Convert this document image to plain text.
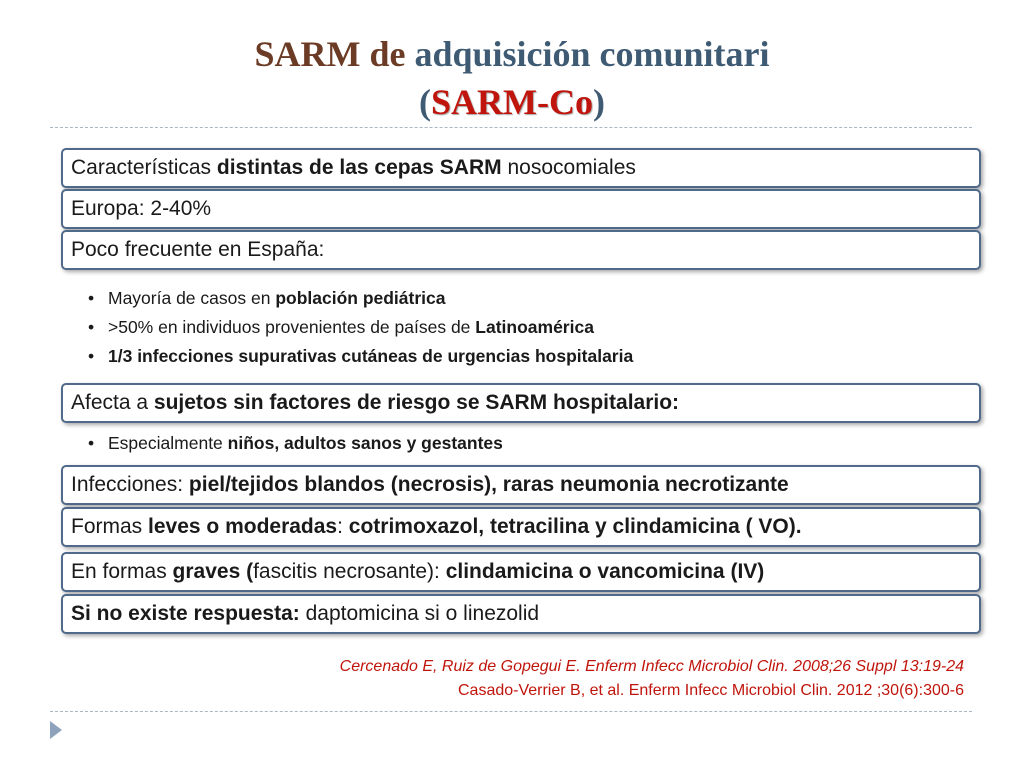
SARM de adquisición comunitari
(SARM-Co)
Características distintas de las cepas SARM nosocomiales
Europa: 2-40%
Poco frecuente en España:
• Mayoría de casos en población pediátrica
• >50% en individuos provenientes de países de Latinoamérica
• 1/3 infecciones supurativas cutáneas de urgencias hospitalaria
Afecta a sujetos sin factores de riesgo se SARM hospitalario:
• Especialmente niños, adultos sanos y gestantes
Infecciones: piel/tejidos blandos (necrosis), raras neumonia necrotizante
Formas leves o moderadas: cotrimoxazol, tetracilina y clindamicina ( VO).
En formas graves (fascitis necrosante): clindamicina o vancomicina (IV)
Si no existe respuesta: daptomicina si o linezolid
Cercenado E, Ruiz de Gopegui E. Enferm Infecc Microbiol Clin. 2008;26 Suppl 13:19-24
Casado-Verrier B, et al. Enferm Infecc Microbiol Clin. 2012 ;30(6):300-6
